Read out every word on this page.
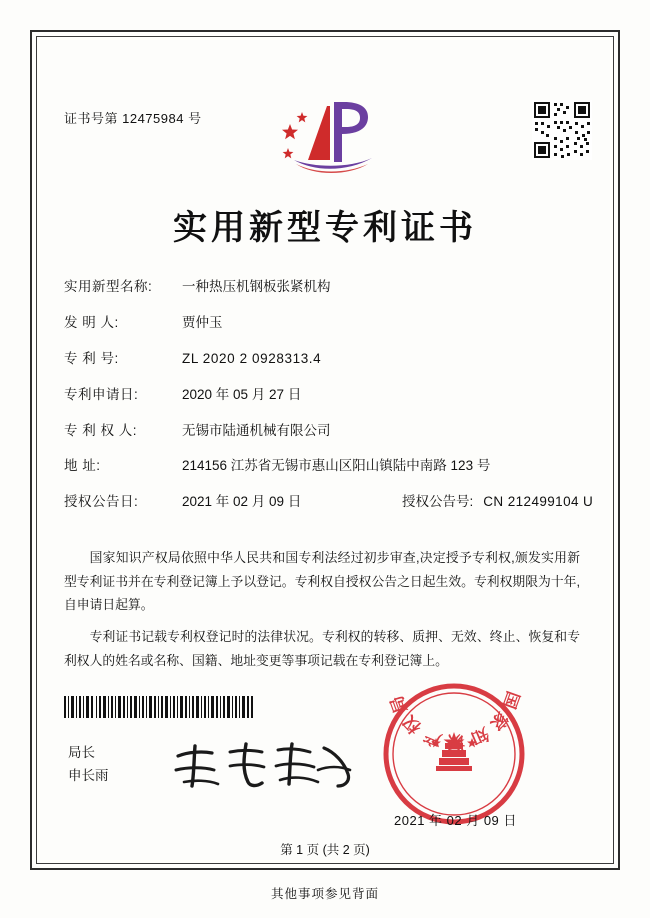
证书号第 12475984 号
实用新型专利证书
实用新型名称:	一种热压机钢板张紧机构
发 明 人:	贾仲玉
专 利 号:	ZL 2020 2 0928313.4
专利申请日:	2020 年 05 月 27 日
专 利 权 人:	无锡市陆通机械有限公司
地 址:	214156 江苏省无锡市惠山区阳山镇陆中南路 123 号
授权公告日:	2021 年 02 月 09 日	授权公告号: CN 212499104 U

国家知识产权局依照中华人民共和国专利法经过初步审查,决定授予专利权,颁发实用新型专利证书并在专利登记簿上予以登记。专利权自授权公告之日起生效。专利权期限为十年,自申请日起算。

专利证书记载专利权登记时的法律状况。专利权的转移、质押、无效、终止、恢复和专利权人的姓名或名称、国籍、地址变更等事项记载在专利登记簿上。

局长
申长雨
国家知识产权局
2021 年 02 月 09 日
第 1 页 (共 2 页)
其他事项参见背面
